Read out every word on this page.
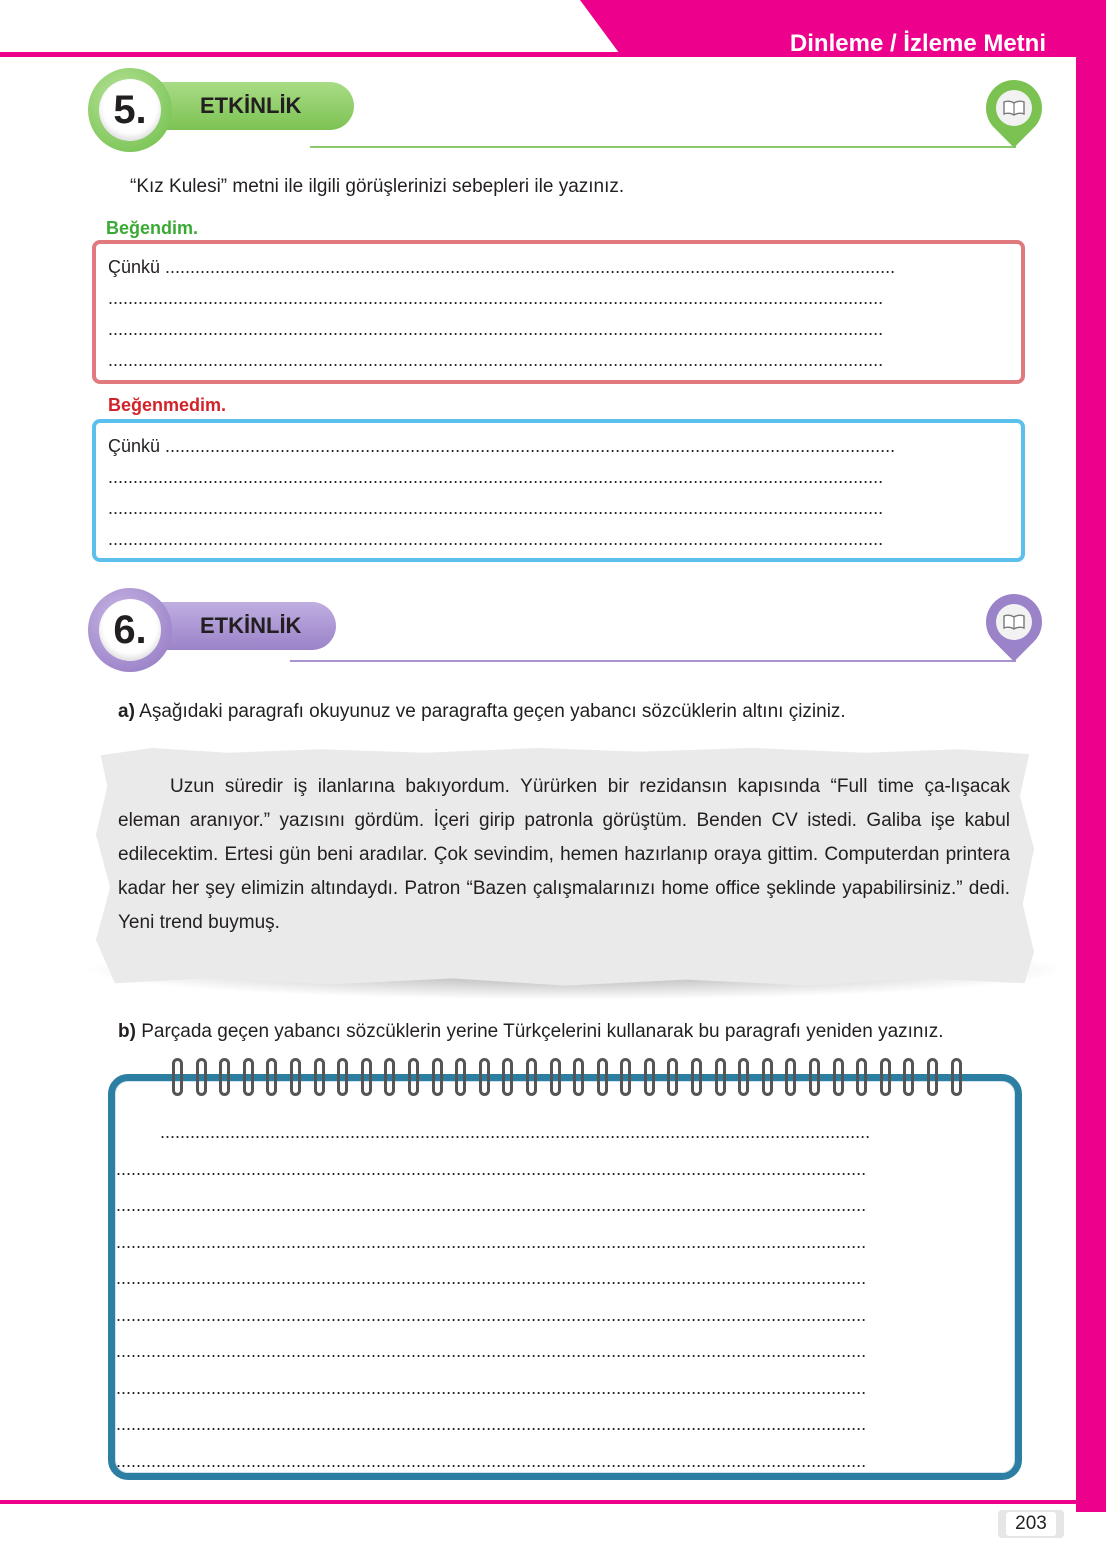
Dinleme / İzleme Metni
ETKİNLİK
5.
“Kız Kulesi” metni ile ilgili görüşlerinizi sebepleri ile yazınız.
Beğendim.
Çünkü ..................................................................................................................................................
...........................................................................................................................................................
...........................................................................................................................................................
...........................................................................................................................................................
Beğenmedim.
Çünkü ..................................................................................................................................................
...........................................................................................................................................................
...........................................................................................................................................................
...........................................................................................................................................................
ETKİNLİK
6.
a) Aşağıdaki paragrafı okuyunuz ve paragrafta geçen yabancı sözcüklerin altını çiziniz.
Uzun süredir iş ilanlarına bakıyordum. Yürürken bir rezidansın kapısında “Full time ça-lışacak eleman aranıyor.” yazısını gördüm. İçeri girip patronla görüştüm. Benden CV istedi. Galiba işe kabul edilecektim. Ertesi gün beni aradılar. Çok sevindim, hemen hazırlanıp oraya gittim. Computerdan printera kadar her şey elimizin altındaydı. Patron “Bazen çalışmalarınızı home office şeklinde yapabilirsiniz.” dedi. Yeni trend buymuş.
b) Parçada geçen yabancı sözcüklerin yerine Türkçelerini kullanarak bu paragrafı yeniden yazınız.
..............................................................................................................................................
......................................................................................................................................................
......................................................................................................................................................
......................................................................................................................................................
......................................................................................................................................................
......................................................................................................................................................
......................................................................................................................................................
......................................................................................................................................................
......................................................................................................................................................
......................................................................................................................................................
203
